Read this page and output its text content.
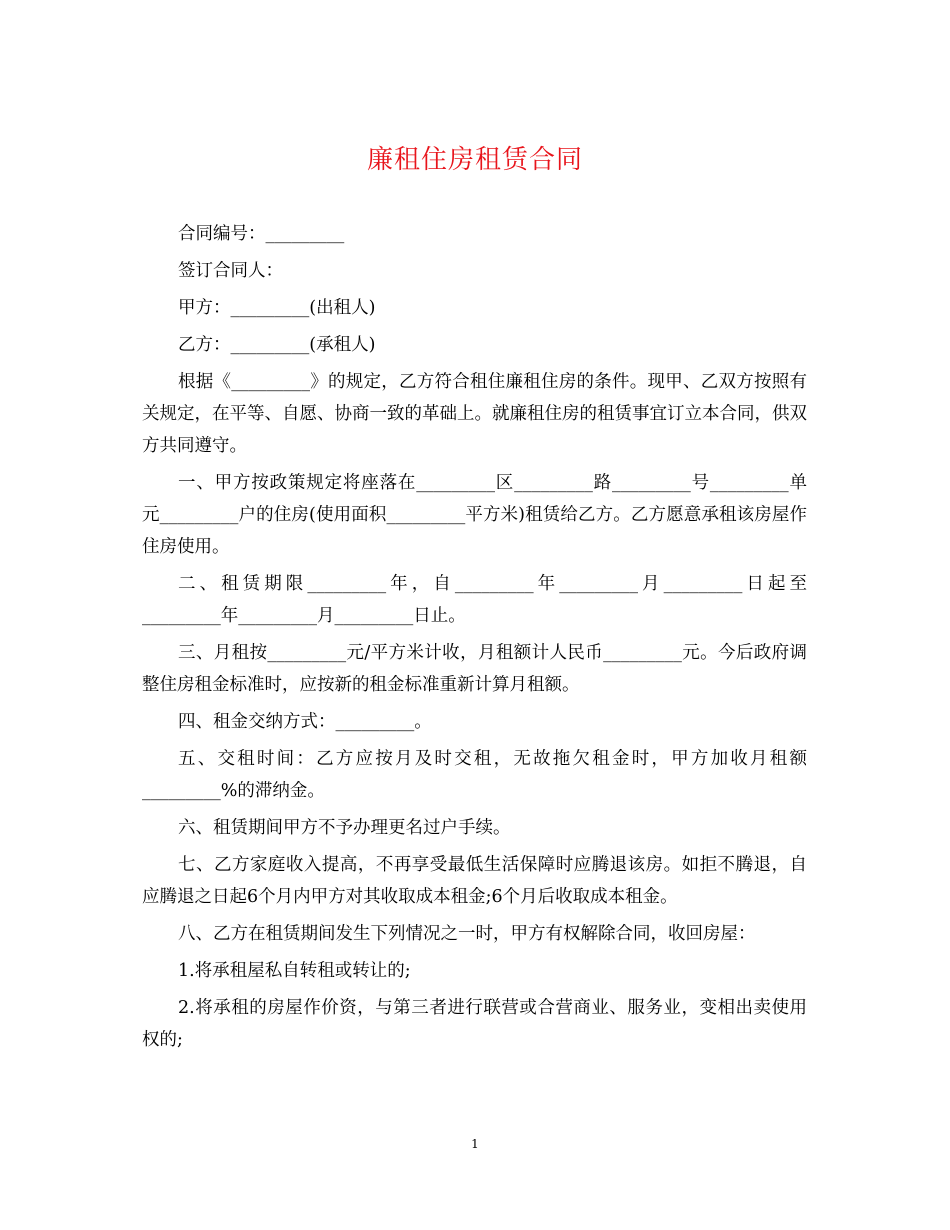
廉租住房租赁合同

合同编号：_________

签订合同人：

甲方：_________(出租人)

乙方：_________(承租人)

根据《_________》的规定，乙方符合租住廉租住房的条件。现甲、乙双方按照有关规定，在平等、自愿、协商一致的革础上。就廉租住房的租赁事宜订立本合同，供双方共同遵守。

一、甲方按政策规定将座落在_________区_________路_________号_________单元_________户的住房(使用面积_________平方米)租赁给乙方。乙方愿意承租该房屋作住房使用。

二、租赁期限_________年，自_________年_________月_________日起至_________年_________月_________日止。

三、月租按_________元/平方米计收，月租额计人民币_________元。今后政府调整住房租金标准时，应按新的租金标准重新计算月租额。

四、租金交纳方式：_________。

五、交租时间：乙方应按月及时交租，无故拖欠租金时，甲方加收月租额_________%的滞纳金。

六、租赁期间甲方不予办理更名过户手续。

七、乙方家庭收入提高，不再享受最低生活保障时应腾退该房。如拒不腾退，自应腾退之日起6个月内甲方对其收取成本租金;6个月后收取成本租金。

八、乙方在租赁期间发生下列情况之一时，甲方有权解除合同，收回房屋：

1.将承租屋私自转租或转让的;

2.将承租的房屋作价资，与第三者进行联营或合营商业、服务业，变相出卖使用权的;

1
